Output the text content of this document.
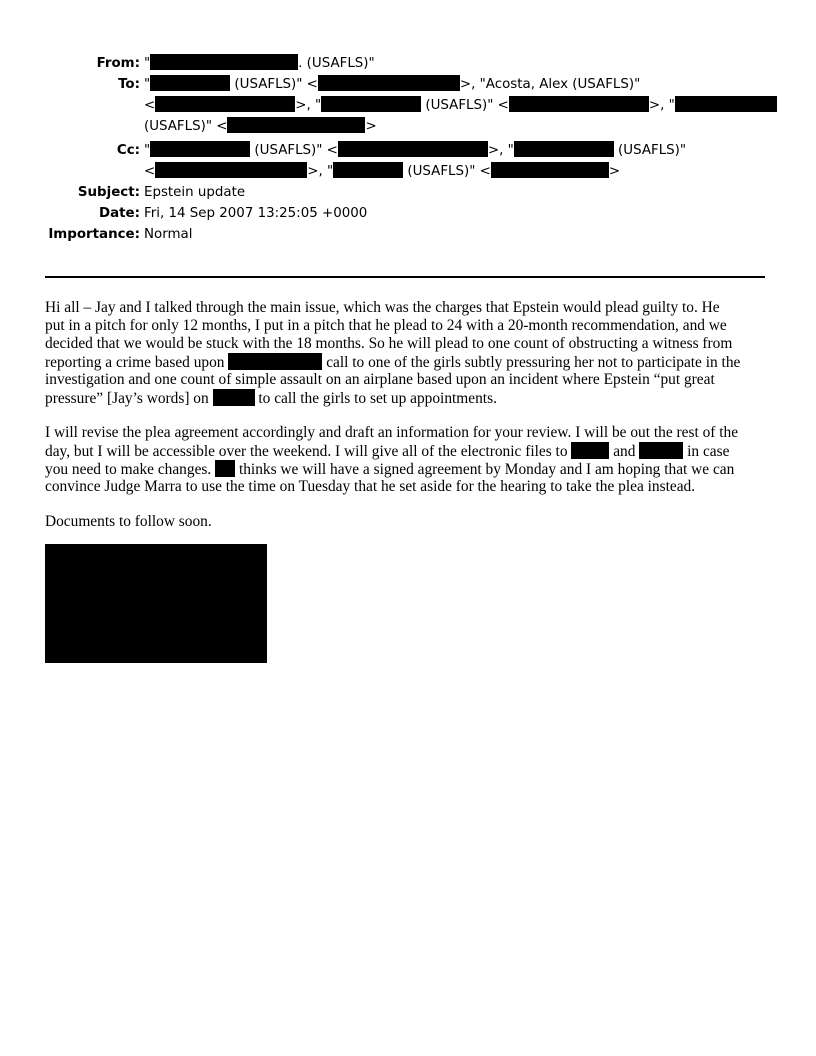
From: "	. (USAFLS)"
To: "	(USAFLS)" <	>, "Acosta, Alex (USAFLS)"
<	>, "	(USAFLS)" <	>, "
(USAFLS)" <	>
Cc: "	(USAFLS)" <	>, "	(USAFLS)"
<	>, "	(USAFLS)" <	>
Subject: Epstein update
Date: Fri, 14 Sep 2007 13:25:05 +0000
Importance: Normal
Hi all – Jay and I talked through the main issue, which was the charges that Epstein would plead guilty to. He
put in a pitch for only 12 months, I put in a pitch that he plead to 24 with a 20-month recommendation, and we
decided that we would be stuck with the 18 months. So he will plead to one count of obstructing a witness from
reporting a crime based upon	call to one of the girls subtly pressuring her not to participate in the
investigation and one count of simple assault on an airplane based upon an incident where Epstein “put great
pressure” [Jay’s words] on	to call the girls to set up appointments.
I will revise the plea agreement accordingly and draft an information for your review. I will be out the rest of the
day, but I will be accessible over the weekend. I will give all of the electronic files to  and	in case
you need to make changes.  thinks we will have a signed agreement by Monday and I am hoping that we can
convince Judge Marra to use the time on Tuesday that he set aside for the hearing to take the plea instead.
Documents to follow soon.
